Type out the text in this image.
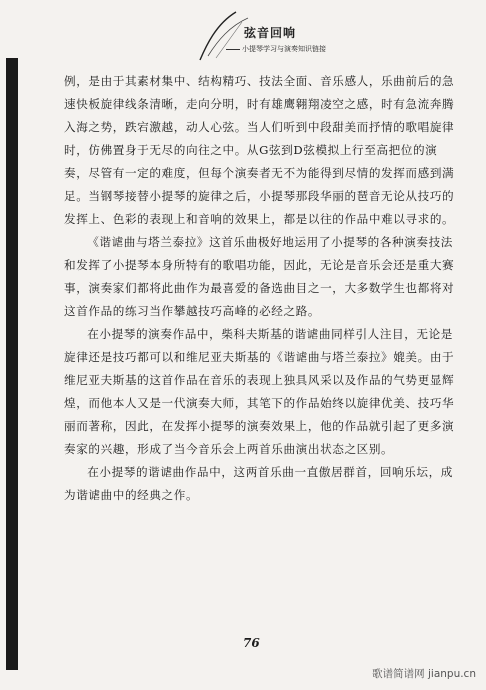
弦音回响
小提琴学习与演奏知识链接

例，是由于其素材集中、结构精巧、技法全面、音乐感人，乐曲前后的急速快板旋律线条清晰，走向分明，时有雄鹰翱翔凌空之感，时有急流奔腾入海之势，跌宕激越，动人心弦。当人们听到中段甜美而抒情的歌唱旋律时，仿佛置身于无尽的向往之中。从G弦到D弦模拟上行至高把位的演奏，尽管有一定的难度，但每个演奏者无不为能得到尽情的发挥而感到满足。当钢琴接替小提琴的旋律之后，小提琴那段华丽的琶音无论从技巧的发挥上、色彩的表现上和音响的效果上，都是以往的作品中难以寻求的。

《谐谑曲与塔兰泰拉》这首乐曲极好地运用了小提琴的各种演奏技法和发挥了小提琴本身所特有的歌唱功能，因此，无论是音乐会还是重大赛事，演奏家们都将此曲作为最喜爱的备选曲目之一，大多数学生也都将对这首作品的练习当作攀越技巧高峰的必经之路。

在小提琴的演奏作品中，柴科夫斯基的谐谑曲同样引人注目，无论是旋律还是技巧都可以和维尼亚夫斯基的《谐谑曲与塔兰泰拉》媲美。由于维尼亚夫斯基的这首作品在音乐的表现上独具风采以及作品的气势更显辉煌，而他本人又是一代演奏大师，其笔下的作品始终以旋律优美、技巧华丽而著称，因此，在发挥小提琴的演奏效果上，他的作品就引起了更多演奏家的兴趣，形成了当今音乐会上两首乐曲演出状态之区别。

在小提琴的谐谑曲作品中，这两首乐曲一直傲居群首，回响乐坛，成为谐谑曲中的经典之作。

76
歌谱简谱网 jianpu.cn
